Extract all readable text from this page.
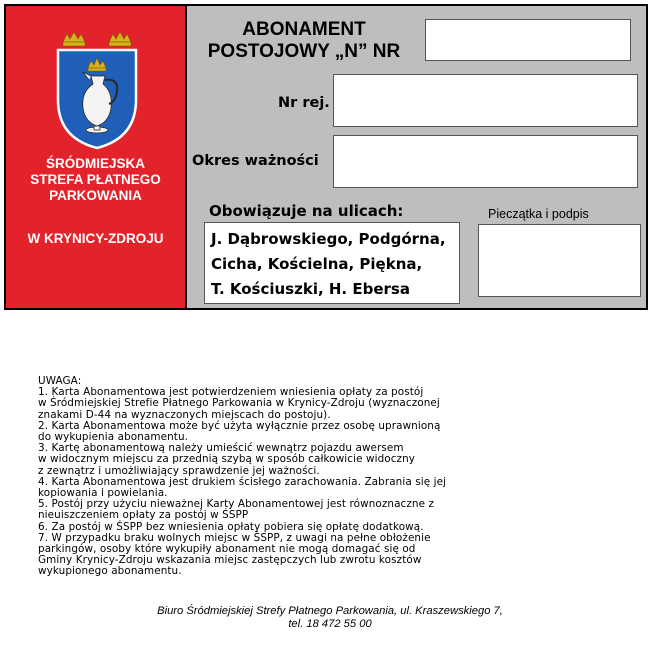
ŚRÓDMIEJSKA
STREFA PŁATNEGO
PARKOWANIA
W KRYNICY-ZDROJU
ABONAMENT
POSTOJOWY „N” NR
Nr rej.
Okres ważności
Obowiązuje na ulicach:
J. Dąbrowskiego, Podgórna,
Cicha, Kościelna, Piękna,
T. Kościuszki, H. Ebersa
Pieczątka i podpis
UWAGA:
1. Karta Abonamentowa jest potwierdzeniem wniesienia opłaty za postój
w Śródmiejskiej Strefie Płatnego Parkowania w Krynicy-Zdroju (wyznaczonej
znakami D-44 na wyznaczonych miejscach do postoju).
2. Karta Abonamentowa może być użyta wyłącznie przez osobę uprawnioną
do wykupienia abonamentu.
3. Kartę abonamentową należy umieścić wewnątrz pojazdu awersem
w widocznym miejscu za przednią szybą w sposób całkowicie widoczny
z zewnątrz i umożliwiający sprawdzenie jej ważności.
4. Karta Abonamentowa jest drukiem ścisłego zarachowania. Zabrania się jej
kopiowania i powielania.
5. Postój przy użyciu nieważnej Karty Abonamentowej jest równoznaczne z
nieuiszczeniem opłaty za postój w ŚSPP
6. Za postój w ŚSPP bez wniesienia opłaty pobiera się opłatę dodatkową.
7. W przypadku braku wolnych miejsc w ŚSPP, z uwagi na pełne obłożenie
parkingów, osoby które wykupiły abonament nie mogą domagać się od
Gminy Krynicy-Zdroju wskazania miejsc zastępczych lub zwrotu kosztów
wykupionego abonamentu.
Biuro Śródmiejskiej Strefy Płatnego Parkowania, ul. Kraszewskiego 7,
tel. 18 472 55 00
